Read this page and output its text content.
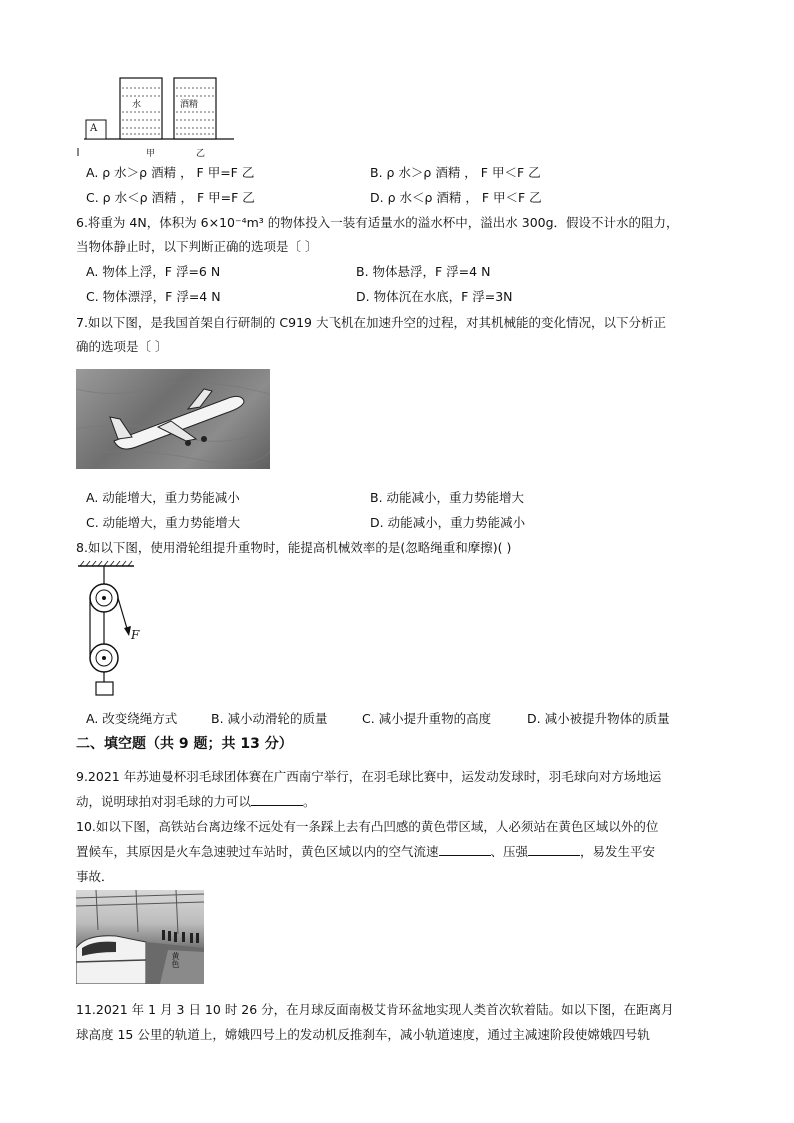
A
水	酒精
甲	乙
A. ρ 水＞ρ 酒精 ， F 甲=F 乙	B. ρ 水＞ρ 酒精 ， F 甲＜F 乙
C. ρ 水＜ρ 酒精 ， F 甲=F 乙	D. ρ 水＜ρ 酒精 ， F 甲＜F 乙
6.将重为 4N，体积为 6×10⁻⁴m³ 的物体投入一装有适量水的溢水杯中，溢出水 300g．假设不计水的阻力，
当物体静止时，以下判断正确的选项是〔 〕
A. 物体上浮，F 浮=6 N	B. 物体悬浮，F 浮=4 N
C. 物体漂浮，F 浮=4 N	D. 物体沉在水底，F 浮=3N
7.如以下图，是我国首架自行研制的 C919 大飞机在加速升空的过程，对其机械能的变化情况，以下分析正
确的选项是〔 〕
A. 动能增大，重力势能减小	B. 动能减小，重力势能增大
C. 动能增大，重力势能增大	D. 动能减小，重力势能减小
8.如以下图，使用滑轮组提升重物时，能提高机械效率的是(忽略绳重和摩擦)( )
F
A. 改变绕绳方式	B. 减小动滑轮的质量	C. 减小提升重物的高度	D. 减小被提升物体的质量
二、填空题（共 9 题；共 13 分）
9.2021 年苏迪曼杯羽毛球团体赛在广西南宁举行，在羽毛球比赛中，运发动发球时，羽毛球向对方场地运
动，说明球拍对羽毛球的力可以	。
10.如以下图，高铁站台离边缘不远处有一条踩上去有凸凹感的黄色带区域，人必须站在黄色区域以外的位
置候车，其原因是火车急速驶过车站时，黄色区域以内的空气流速	、压强	，易发生平安
事故．
黄色
11.2021 年 1 月 3 日 10 时 26 分，在月球反面南极艾肯环盆地实现人类首次软着陆。如以下图，在距离月
球高度 15 公里的轨道上，嫦娥四号上的发动机反推刹车，减小轨道速度，通过主减速阶段使嫦娥四号轨
